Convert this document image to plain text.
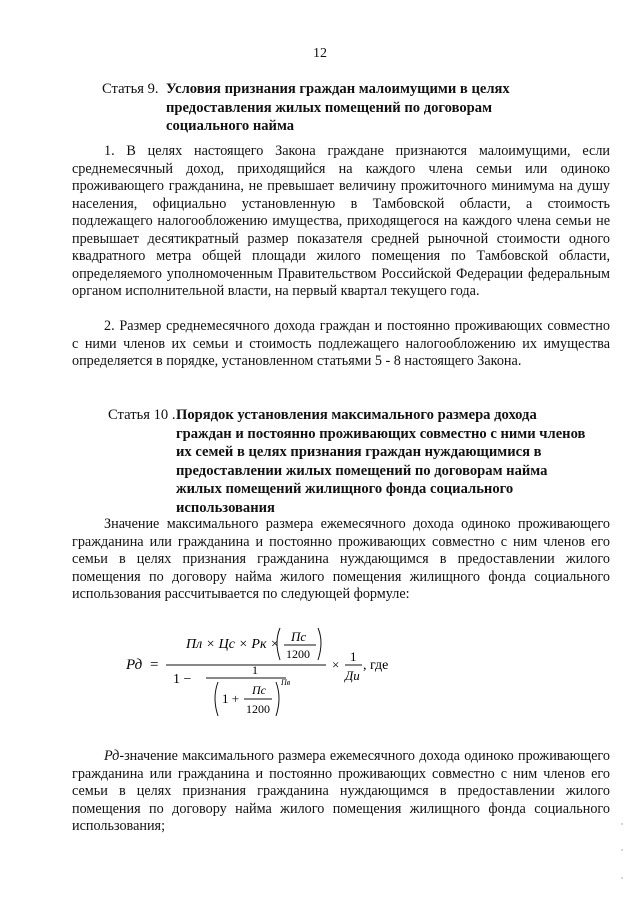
12
Статья 9. Условия признания граждан малоимущими в целях
предоставления жилых помещений по договорам
социального найма

1. В целях настоящего Закона граждане признаются малоимущими, если среднемесячный доход, приходящийся на каждого члена семьи или одиноко проживающего гражданина, не превышает величину прожиточного минимума на душу населения, официально установленную в Тамбовской области, а стоимость подлежащего налогообложению имущества, приходящегося на каждого члена семьи не превышает десятикратный размер показателя средней рыночной стоимости одного квадратного метра общей площади жилого помещения по Тамбовской области, определяемого уполномоченным Правительством Российской Федерации федеральным органом исполнительной власти, на первый квартал текущего года.

2. Размер среднемесячного дохода граждан и постоянно проживающих совместно с ними членов их семьи и стоимость подлежащего налогообложению их имущества определяется в порядке, установленном статьями 5 - 8 настоящего Закона.

Статья 10 . Порядок установления максимального размера дохода
граждан и постоянно проживающих совместно с ними членов
их семей в целях признания граждан нуждающимися в
предоставлении жилых помещений по договорам найма
жилых помещений жилищного фонда социального
использования

Значение максимального размера ежемесячного дохода одиноко проживающего гражданина или гражданина и постоянно проживающих совместно с ним членов его семьи в целях признания гражданина нуждающимся в предоставлении жилого помещения по договору найма жилого помещения жилищного фонда социального использования рассчитывается по следующей формуле:

Рд =
Пл × Цс × Рк ×
Пс
1200
1 −
1
1 +
Пс
1200
Пв
×
1
Ди
, где

Рд-значение максимального размера ежемесячного дохода одиноко проживающего гражданина или гражданина и постоянно проживающих совместно с ним членов его семьи в целях признания гражданина нуждающимся в предоставлении жилого помещения по договору найма жилого помещения жилищного фонда социального использования;
